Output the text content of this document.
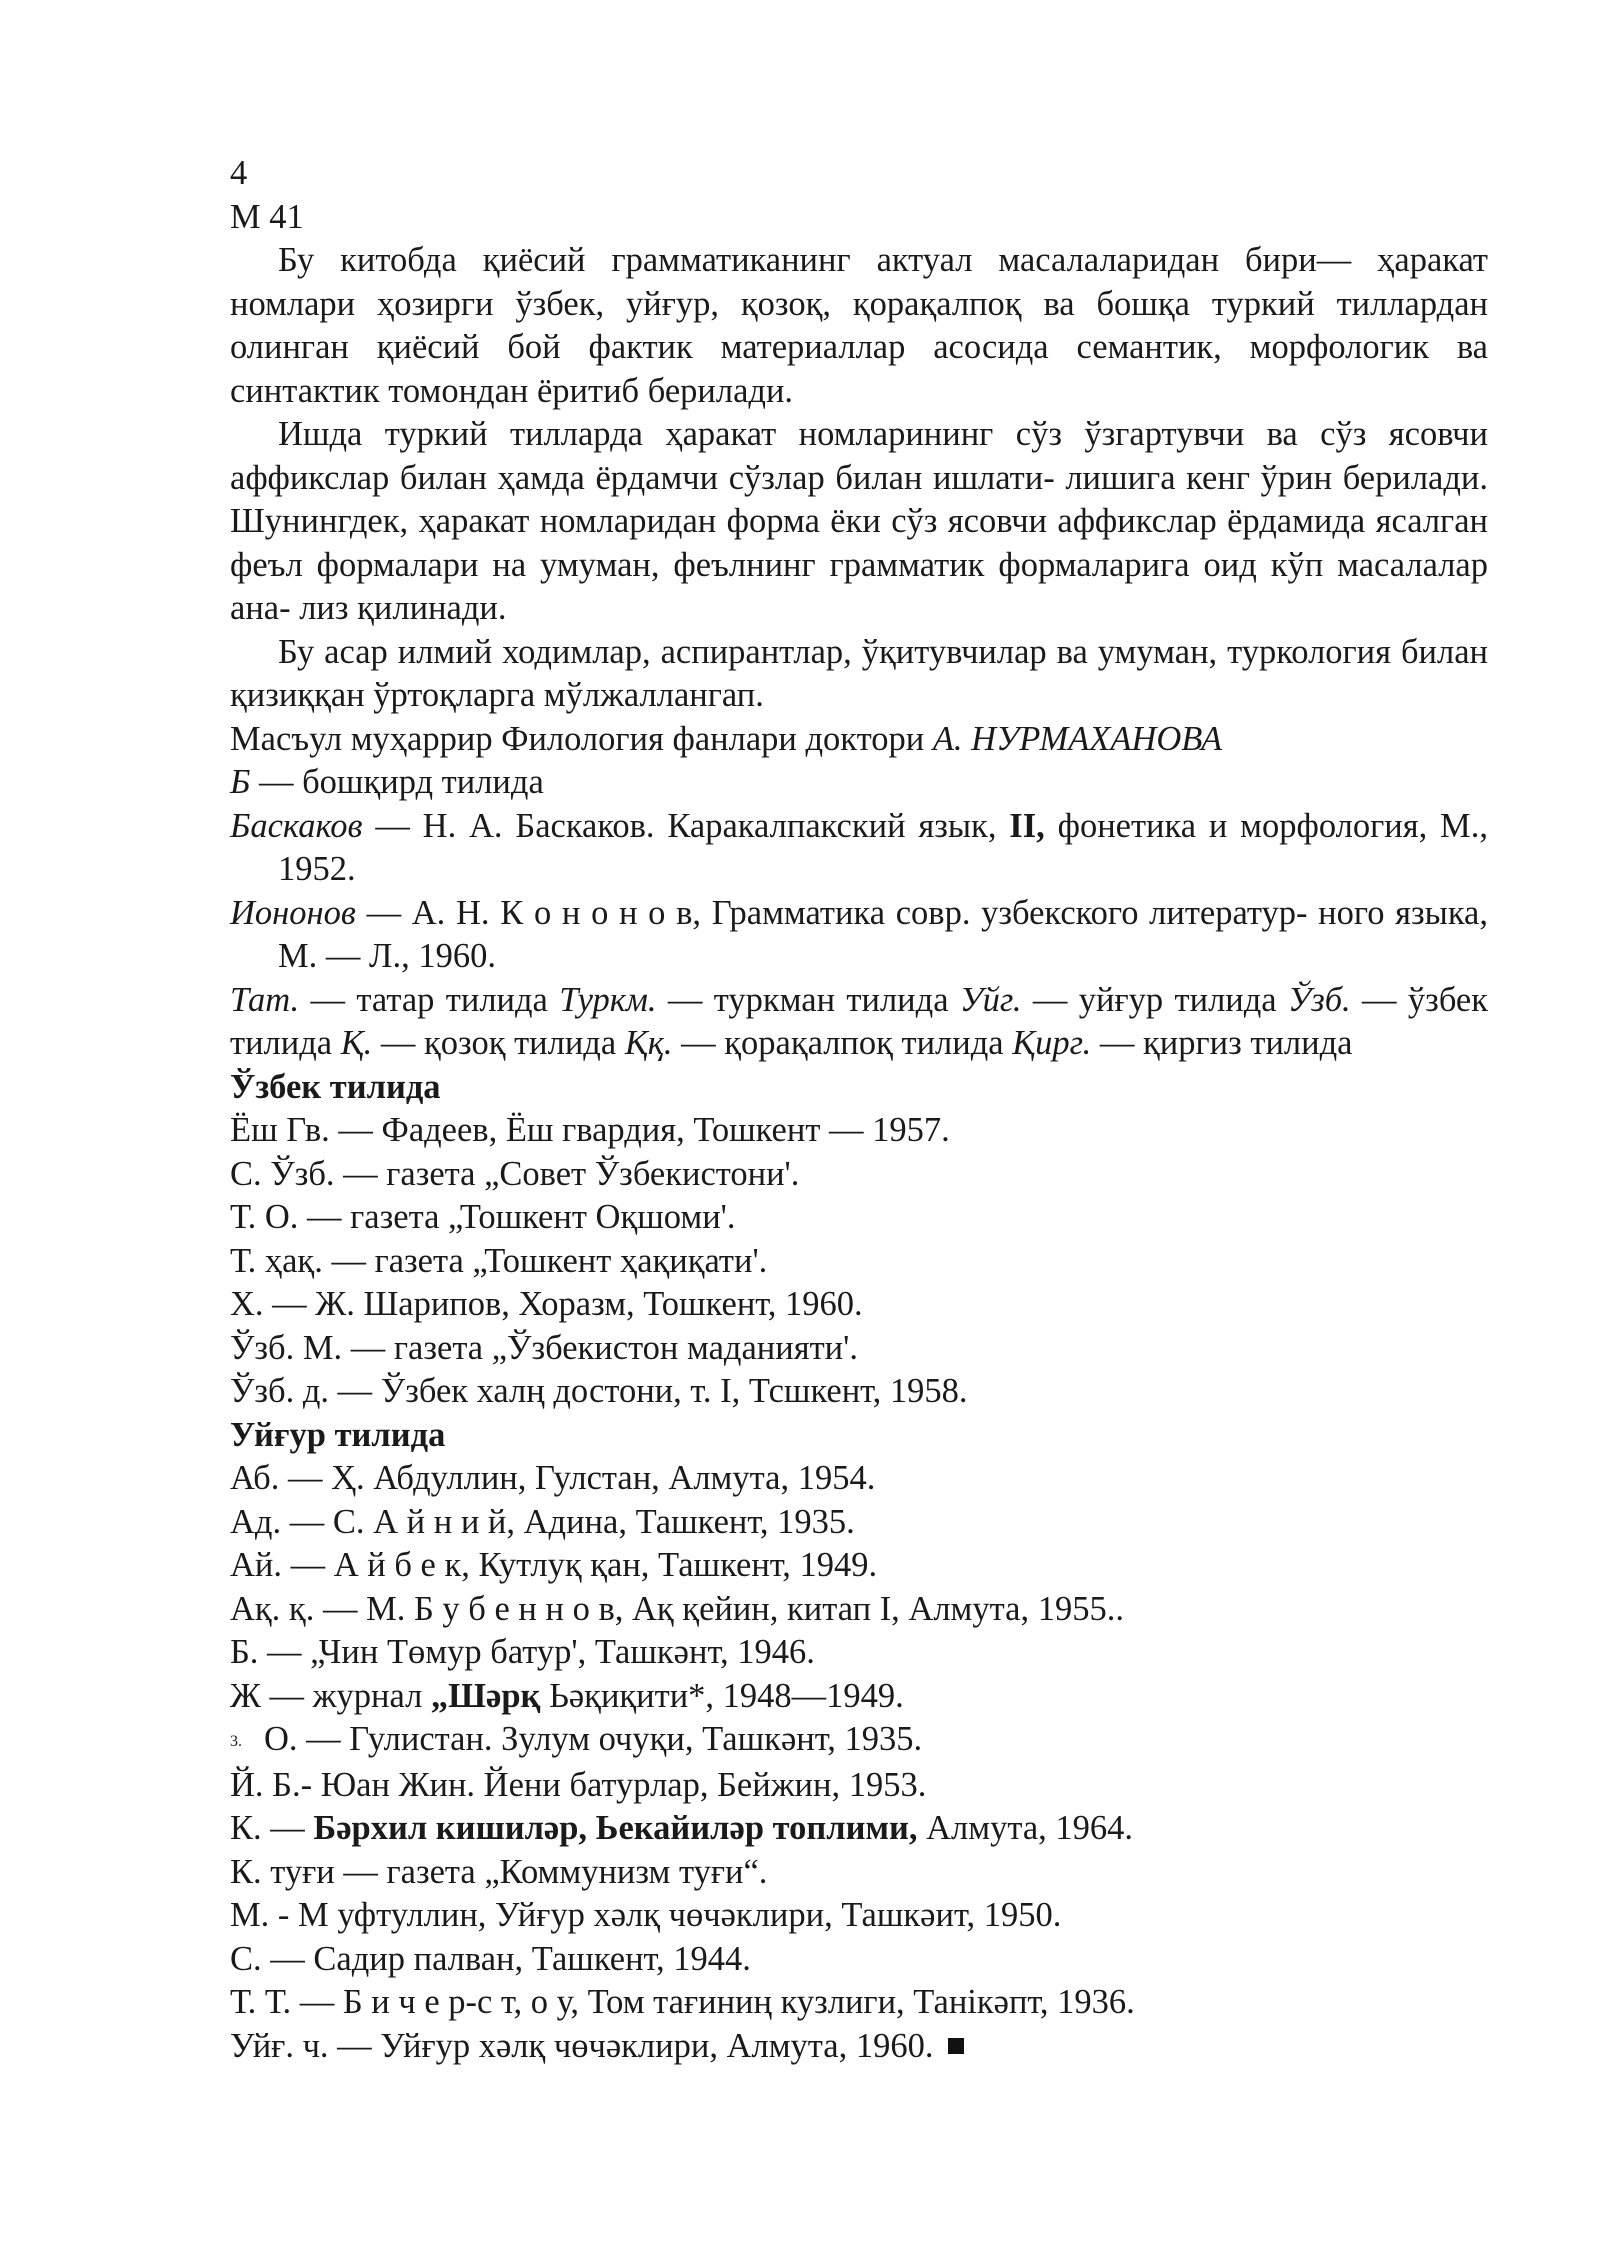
4
М 41
Бу китобда қиёсий грамматиканинг актуал масалаларидан бири— ҳаракат номлари ҳозирги ўзбек, уйғур, қозоқ, қорақалпоқ ва бошқа туркий тиллардан олинган қиёсий бой фактик материаллар асосида семантик, морфологик ва синтактик томондан ёритиб берилади.
Ишда туркий тилларда ҳаракат номларининг сўз ўзгартувчи ва сўз ясовчи аффикслар билан ҳамда ёрдамчи сўзлар билан ишлати- лишига кенг ўрин берилади. Шунингдек, ҳаракат номларидан форма ёки сўз ясовчи аффикслар ёрдамида ясалган феъл формалари на умуман, феълнинг грамматик формаларига оид кўп масалалар ана- лиз қилинади.
Бу асар илмий ходимлар, аспирантлар, ўқитувчилар ва умуман, туркология билан қизиққан ўртоқларга мўлжаллангап.
Масъул муҳаррир Филология фанлари доктори А. НУРМАХАНОВА
Б — бошқирд тилида
Баскаков — Н. А. Баскаков. Каракалпакский язык, II, фонетика и морфология, М., 1952.
Иононов — А. Н. К о н о н о в, Грамматика совр. узбекского литератур- ного языка, М. — Л., 1960.
Тат. — татар тилида Туркм. — туркман тилида Уйг. — уйғур тилида Ўзб. — ўзбек тилида Қ. — қозоқ тилида Ққ. — қорақалпоқ тилида Қирг. — қиргиз тилида
Ўзбек тилида
Ёш Гв. — Фадеев, Ёш гвардия, Тошкент — 1957.
С. Ўзб. — газета „Совет Ўзбекистони'.
Т. О. — газета „Тошкент Оқшоми'.
Т. ҳақ. — газета „Тошкент ҳақиқати'.
X. — Ж. Шарипов, Хоразм, Тошкент, 1960.
Ўзб. М. — газета „Ўзбекистон маданияти'.
Ўзб. д. — Ўзбек халң достони, т. I, Тсшкент, 1958.
Уйғур тилида
Аб. — Ҳ. Абдуллин, Гулстан, Алмута, 1954.
Ад. — С. А й н и й, Адина, Ташкент, 1935.
Ай. — А й б е к, Кутлуқ қан, Ташкент, 1949.
Ақ. қ. — М. Б у б е н н о в, Ақ қейин, китап I, Алмута, 1955..
Б. — „Чин Төмур батур', Ташкәнт, 1946.
Ж — журнал „Шәрқ Ьәқиқити*, 1948—1949.
3. О. — Гулистан. Зулум очуқи, Ташкәнт, 1935.
Й. Б.- Юан Жин. Йени батурлар, Бейжин, 1953.
К. — Бәрхил кишиләр, Ьекайиләр топлими, Алмута, 1964.
К. туғи — газета „Коммунизм туғи“.
М. - М уфтуллин, Уйғур хәлқ чөчәклири, Ташкәит, 1950.
С. — Садир палван, Ташкент, 1944.
Т. Т. — Б и ч е р-с т, о у, Том тағиниң кузлиги, Танікәпт, 1936.
Уйғ. ч. — Уйғур хәлқ чөчәклири, Алмута, 1960.
